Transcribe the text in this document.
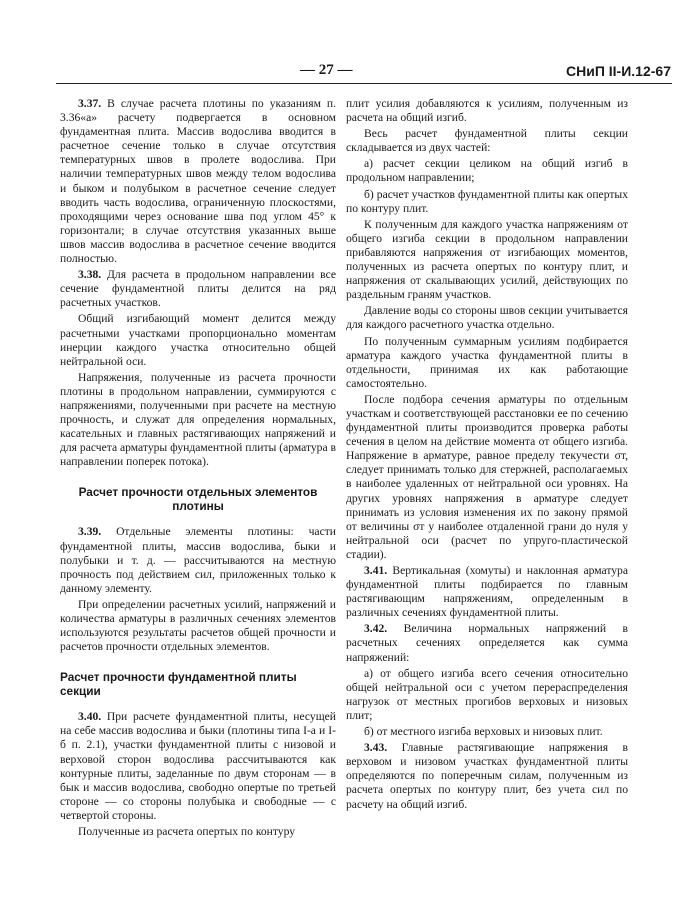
— 27 —	СНиП II-И.12-67

3.37. В случае расчета плотины по указаниям п. 3.36«а» расчету подвергается в основном фундаментная плита. Массив водослива вводится в расчетное сечение только в случае отсутствия температурных швов в пролете водослива. При наличии температурных швов между телом водослива и быком и полубыком в расчетное сечение следует вводить часть водослива, ограниченную плоскостями, проходящими через основание шва под углом 45° к горизонтали; в случае отсутствия указанных выше швов массив водослива в расчетное сечение вводится полностью.

3.38. Для расчета в продольном направлении все сечение фундаментной плиты делится на ряд расчетных участков.

Общий изгибающий момент делится между расчетными участками пропорционально моментам инерции каждого участка относительно общей нейтральной оси.

Напряжения, полученные из расчета прочности плотины в продольном направлении, суммируются с напряжениями, полученными при расчете на местную прочность, и служат для определения нормальных, касательных и главных растягивающих напряжений и для расчета арматуры фундаментной плиты (арматура в направлении поперек потока).

Расчет прочности отдельных элементов плотины

3.39. Отдельные элементы плотины: части фундаментной плиты, массив водослива, быки и полубыки и т. д. — рассчитываются на местную прочность под действием сил, приложенных только к данному элементу.

При определении расчетных усилий, напряжений и количества арматуры в различных сечениях элементов используются результаты расчетов общей прочности и расчетов прочности отдельных элементов.

Расчет прочности фундаментной плиты секции

3.40. При расчете фундаментной плиты, несущей на себе массив водослива и быки (плотины типа I-а и I-б п. 2.1), участки фундаментной плиты с низовой и верховой сторон водослива рассчитываются как контурные плиты, заделанные по двум сторонам — в бык и массив водослива, свободно опертые по третьей стороне — со стороны полубыка и свободные — с четвертой стороны.

Полученные из расчета опертых по контуру

плит усилия добавляются к усилиям, полученным из расчета на общий изгиб.

Весь расчет фундаментной плиты секции складывается из двух частей:

а) расчет секции целиком на общий изгиб в продольном направлении;

б) расчет участков фундаментной плиты как опертых по контуру плит.

К полученным для каждого участка напряжениям от общего изгиба секции в продольном направлении прибавляются напряжения от изгибающих моментов, полученных из расчета опертых по контуру плит, и напряжения от скалывающих усилий, действующих по раздельным граням участков.

Давление воды со стороны швов секции учитывается для каждого расчетного участка отдельно.

По полученным суммарным усилиям подбирается арматура каждого участка фундаментной плиты в отдельности, принимая их как работающие самостоятельно.

После подбора сечения арматуры по отдельным участкам и соответствующей расстановки ее по сечению фундаментной плиты производится проверка работы сечения в целом на действие момента от общего изгиба. Напряжение в арматуре, равное пределу текучести σт, следует принимать только для стержней, располагаемых в наиболее удаленных от нейтральной оси уровнях. На других уровнях напряжения в арматуре следует принимать из условия изменения их по закону прямой от величины σт у наиболее отдаленной грани до нуля у нейтральной оси (расчет по упруго-пластической стадии).

3.41. Вертикальная (хомуты) и наклонная арматура фундаментной плиты подбирается по главным растягивающим напряжениям, определенным в различных сечениях фундаментной плиты.

3.42. Величина нормальных напряжений в расчетных сечениях определяется как сумма напряжений:

а) от общего изгиба всего сечения относительно общей нейтральной оси с учетом перераспределения нагрузок от местных прогибов верховых и низовых плит;

б) от местного изгиба верховых и низовых плит.

3.43. Главные растягивающие напряжения в верховом и низовом участках фундаментной плиты определяются по поперечным силам, полученным из расчета опертых по контуру плит, без учета сил по расчету на общий изгиб.
